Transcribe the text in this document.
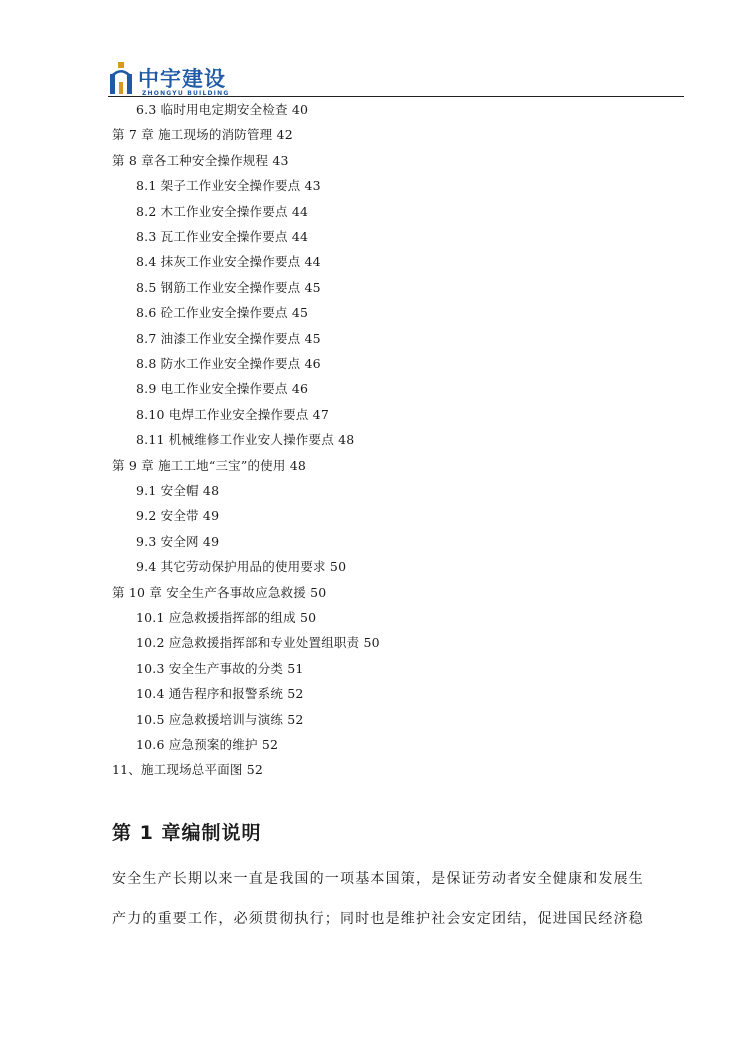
中宇建设
ZHONGYU BUILDING
6.3 临时用电定期安全检查 40
第 7 章 施工现场的消防管理 42
第 8 章各工种安全操作规程 43
8.1 架子工作业安全操作要点 43
8.2 木工作业安全操作要点 44
8.3 瓦工作业安全操作要点 44
8.4 抹灰工作业安全操作要点 44
8.5 钢筋工作业安全操作要点 45
8.6 砼工作业安全操作要点 45
8.7 油漆工作业安全操作要点 45
8.8 防水工作业安全操作要点 46
8.9 电工作业安全操作要点 46
8.10 电焊工作业安全操作要点 47
8.11 机械维修工作业安人操作要点 48
第 9 章 施工工地“三宝”的使用 48
9.1 安全帽 48
9.2 安全带 49
9.3 安全网 49
9.4 其它劳动保护用品的使用要求 50
第 10 章 安全生产各事故应急救援 50
10.1 应急救援指挥部的组成 50
10.2 应急救援指挥部和专业处置组职责 50
10.3 安全生产事故的分类 51
10.4 通告程序和报警系统 52
10.5 应急救援培训与演练 52
10.6 应急预案的维护 52
11、施工现场总平面图 52
第 1 章编制说明
安全生产长期以来一直是我国的一项基本国策，是保证劳动者安全健康和发展生
产力的重要工作，必须贯彻执行；同时也是维护社会安定团结，促进国民经济稳
